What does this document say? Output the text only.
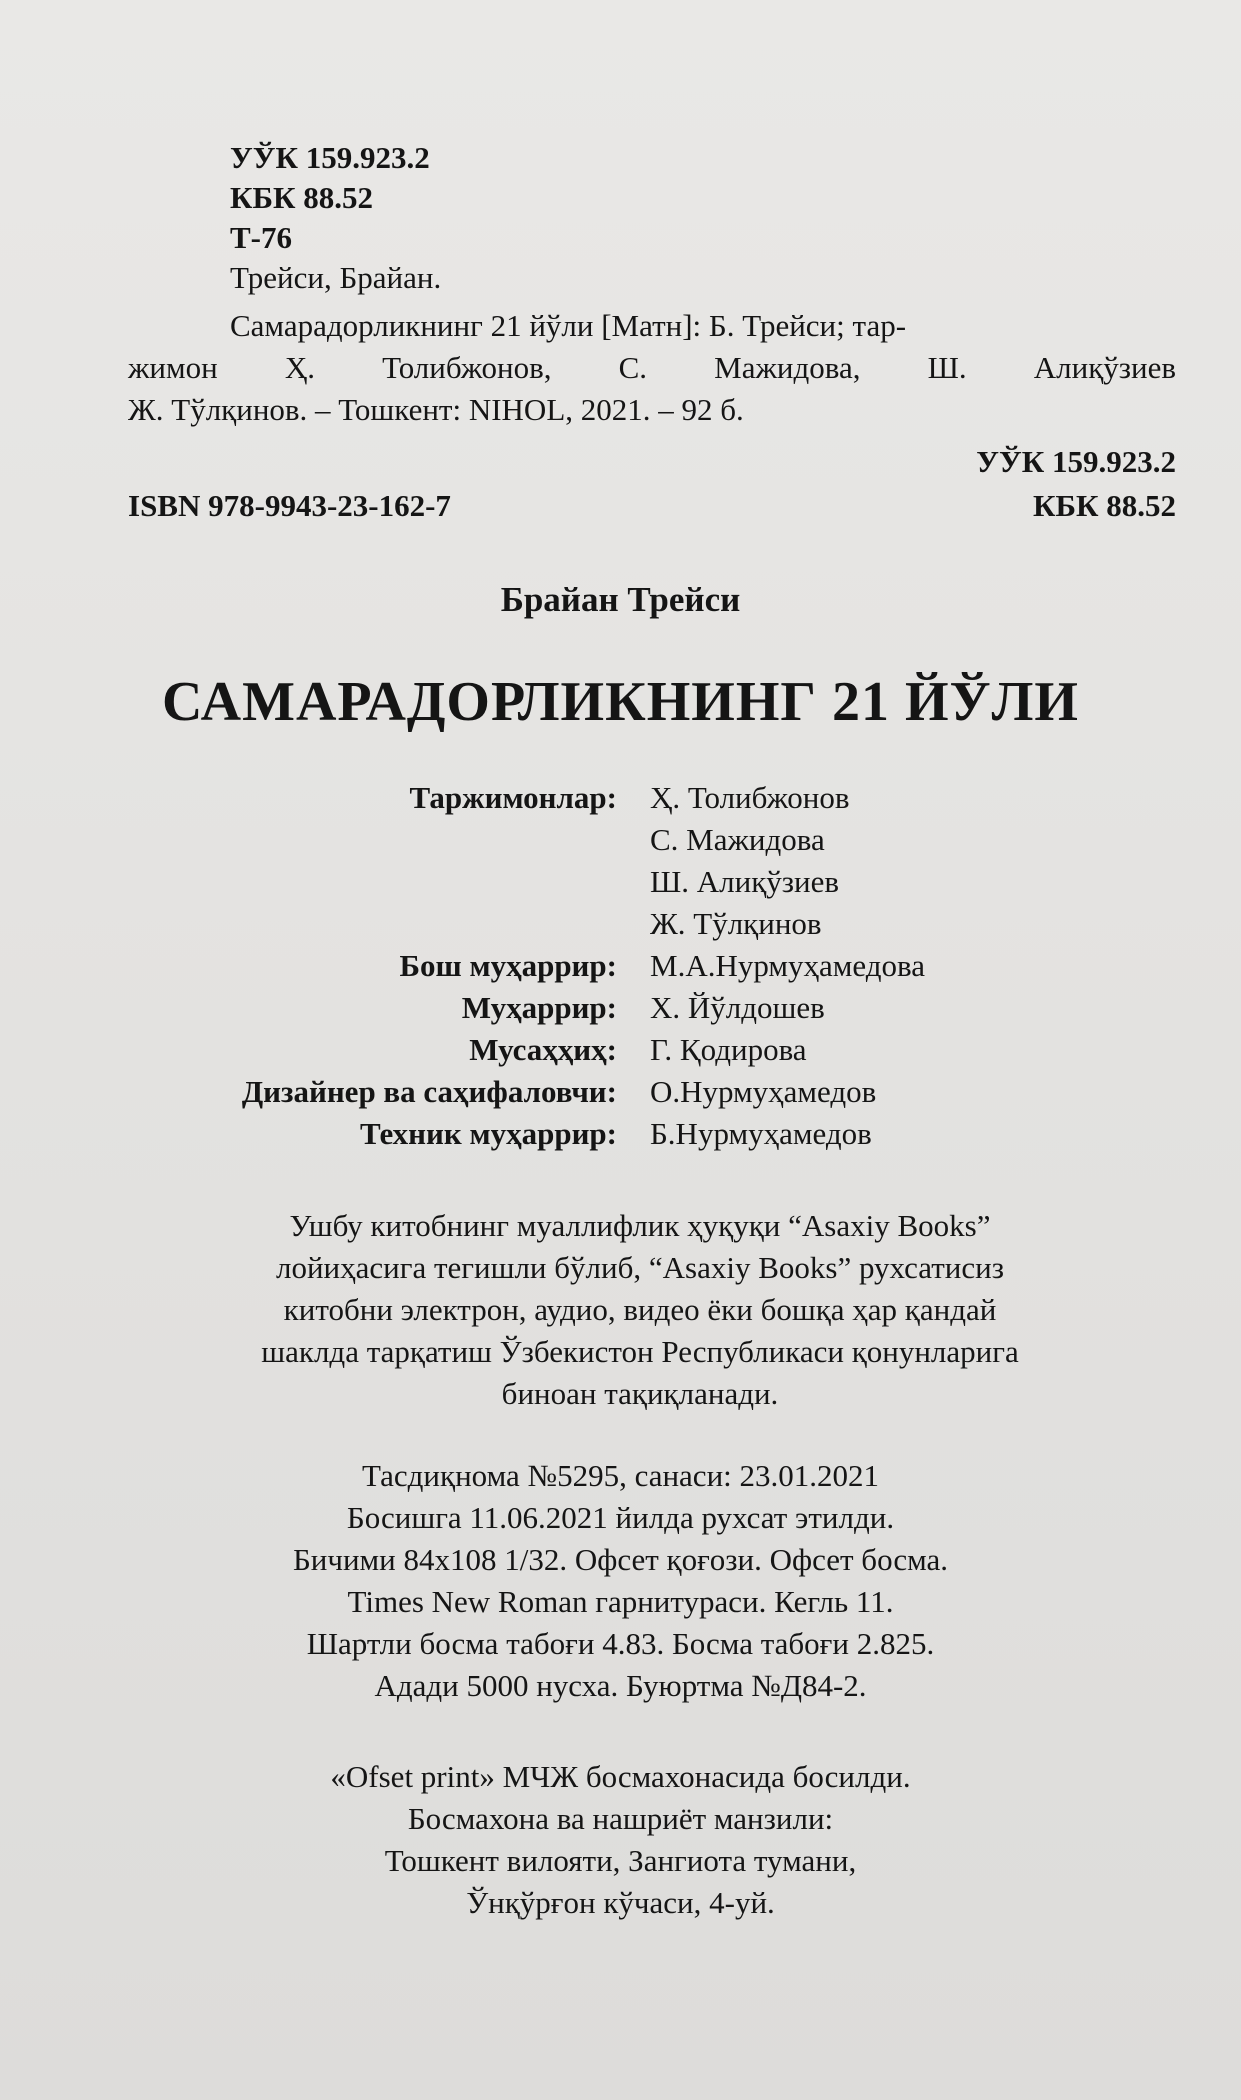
УЎК 159.923.2
КБК 88.52
Т-76
Трейси, Брайан.
Самарадорликнинг 21 йўли [Матн]: Б. Трейси; тар-
жимон Ҳ. Толибжонов, С. Мажидова, Ш. Алиқўзиев
Ж. Тўлқинов. – Тошкент: NIHOL, 2021. – 92 б.
УЎК 159.923.2
КБК 88.52
ISBN 978-9943-23-162-7
Брайан Трейси
САМАРАДОРЛИКНИНГ 21 ЙЎЛИ
Таржимонлар: Ҳ. Толибжонов
С. Мажидова
Ш. Алиқўзиев
Ж. Тўлқинов
Бош муҳаррир: М.А.Нурмуҳамедова
Муҳаррир: Х. Йўлдошев
Мусаҳҳиҳ: Г. Қодирова
Дизайнер ва саҳифаловчи: О.Нурмуҳамедов
Техник муҳаррир: Б.Нурмуҳамедов
Ушбу китобнинг муаллифлик ҳуқуқи “Asaxiy Books”
лойиҳасига тегишли бўлиб, “Asaxiy Books” рухсатисиз
китобни электрон, аудио, видео ёки бошқа ҳар қандай
шаклда тарқатиш Ўзбекистон Республикаси қонунларига
биноан тақиқланади.
Тасдиқнома №5295, санаси: 23.01.2021
Босишга 11.06.2021 йилда рухсат этилди.
Бичими 84х108 1/32. Офсет қоғози. Офсет босма.
Times New Roman гарнитураси. Кегль 11.
Шартли босма табоғи 4.83. Босма табоғи 2.825.
Адади 5000 нусха. Буюртма №Д84-2.
«Ofset print» МЧЖ босмахонасида босилди.
Босмахона ва нашриёт манзили:
Тошкент вилояти, Зангиота тумани,
Ўнқўрғон кўчаси, 4-уй.
